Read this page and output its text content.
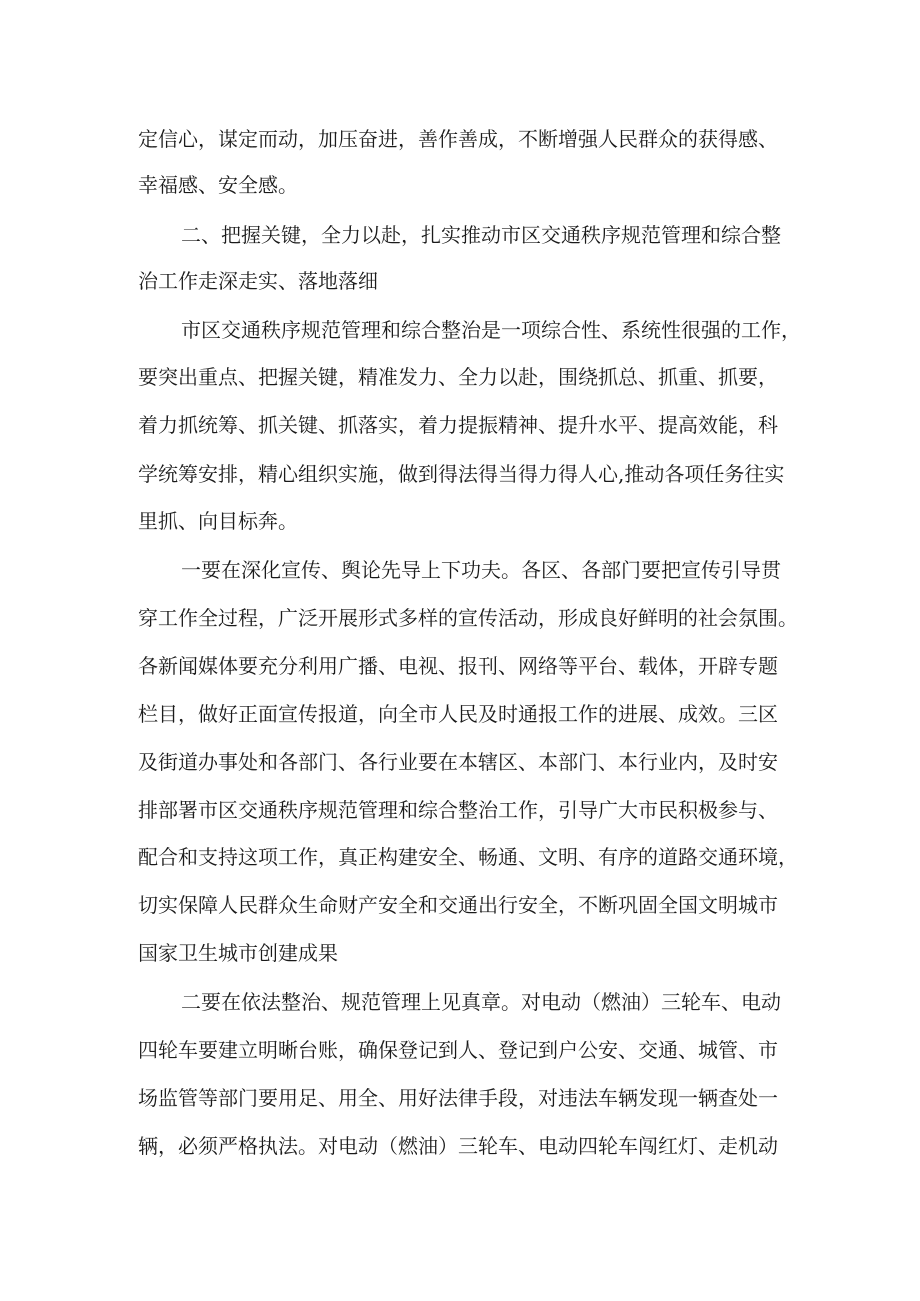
定信心，谋定而动，加压奋进，善作善成，不断增强人民群众的获得感、

幸福感、安全感。

二、把握关键，全力以赴，扎实推动市区交通秩序规范管理和综合整

治工作走深走实、落地落细

市区交通秩序规范管理和综合整治是一项综合性、系统性很强的工作，

要突出重点、把握关键，精准发力、全力以赴，围绕抓总、抓重、抓要，

着力抓统筹、抓关键、抓落实，着力提振精神、提升水平、提高效能，科

学统筹安排，精心组织实施，做到得法得当得力得人心,推动各项任务往实

里抓、向目标奔。

一要在深化宣传、舆论先导上下功夫。各区、各部门要把宣传引导贯

穿工作全过程，广泛开展形式多样的宣传活动，形成良好鲜明的社会氛围。

各新闻媒体要充分利用广播、电视、报刊、网络等平台、载体，开辟专题

栏目，做好正面宣传报道，向全市人民及时通报工作的进展、成效。三区

及街道办事处和各部门、各行业要在本辖区、本部门、本行业内，及时安

排部署市区交通秩序规范管理和综合整治工作，引导广大市民积极参与、

配合和支持这项工作，真正构建安全、畅通、文明、有序的道路交通环境，

切实保障人民群众生命财产安全和交通出行安全，不断巩固全国文明城市

国家卫生城市创建成果

二要在依法整治、规范管理上见真章。对电动（燃油）三轮车、电动

四轮车要建立明晰台账，确保登记到人、登记到户公安、交通、城管、市

场监管等部门要用足、用全、用好法律手段，对违法车辆发现一辆查处一

辆，必须严格执法。对电动（燃油）三轮车、电动四轮车闯红灯、走机动
